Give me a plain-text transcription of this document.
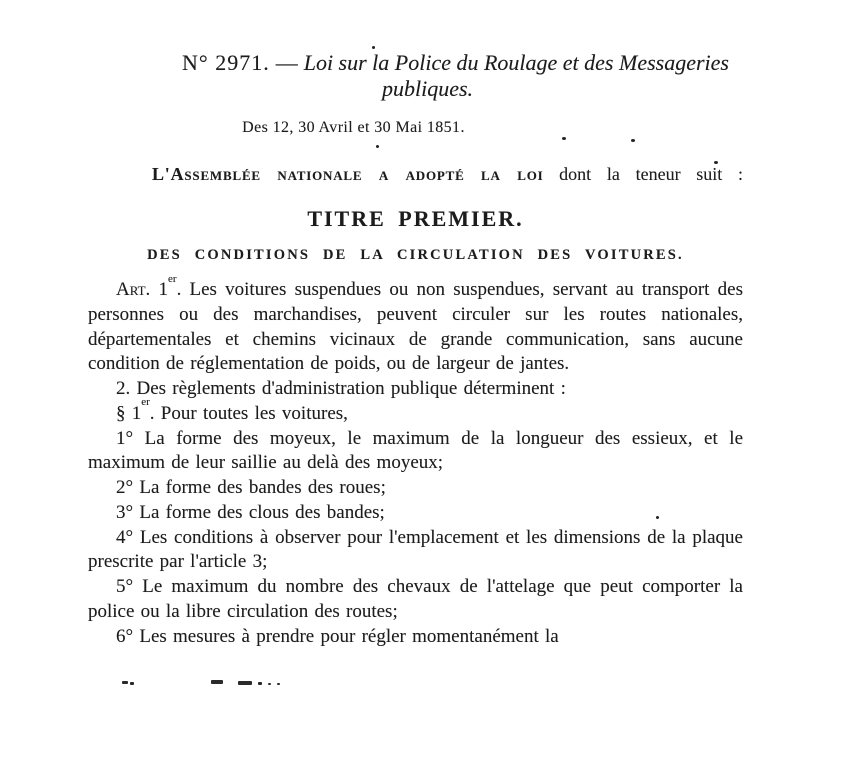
N° 2971. — Loi sur la Police du Roulage et des Messageries
publiques.
Des 12, 30 Avril et 30 Mai 1851.

L'Assemblée nationale a adopté la loi dont la teneur suit :

TITRE PREMIER.
DES CONDITIONS DE LA CIRCULATION DES VOITURES.

Art. 1er. Les voitures suspendues ou non suspendues, servant au transport des personnes ou des marchandises, peuvent circuler sur les routes nationales, départementales et chemins vicinaux de grande communication, sans aucune condition de réglementation de poids, ou de largeur de jantes.

2. Des règlements d'administration publique déterminent :

§ 1er. Pour toutes les voitures,

1° La forme des moyeux, le maximum de la longueur des essieux, et le maximum de leur saillie au delà des moyeux;

2° La forme des bandes des roues;

3° La forme des clous des bandes;

4° Les conditions à observer pour l'emplacement et les dimensions de la plaque prescrite par l'article 3;

5° Le maximum du nombre des chevaux de l'attelage que peut comporter la police ou la libre circulation des routes;

6° Les mesures à prendre pour régler momentanément la
